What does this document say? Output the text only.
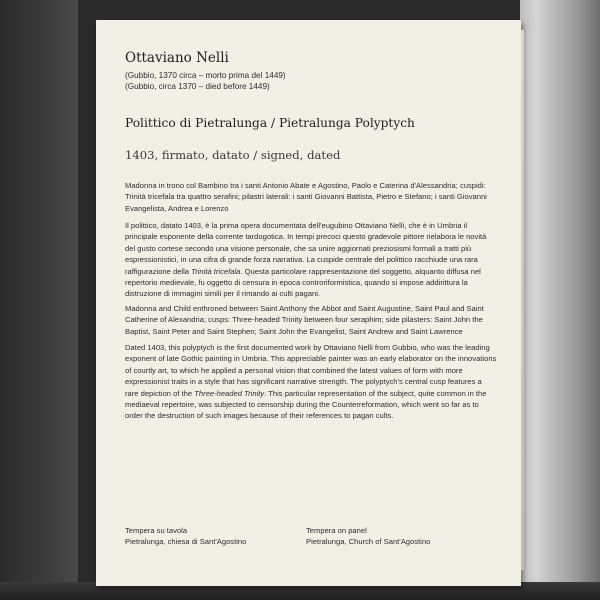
Ottaviano Nelli
(Gubbio, 1370 circa – morto prima del 1449)
(Gubbio, circa 1370 – died before 1449)
Polittico di Pietralunga / Pietralunga Polyptych
1403, firmato, datato / signed, dated
Madonna in trono col Bambino tra i santi Antonio Abate e Agostino, Paolo e Caterina d'Alessandria; cuspidi: Trinità tricefala tra quattro serafini; pilastri laterali: i santi Giovanni Battista, Pietro e Stefano; i santi Giovanni Evangelista, Andrea e Lorenzo
Il polittico, datato 1403, è la prima opera documentata dell'eugubino Ottaviano Nelli, che è in Umbria il principale esponente della corrente tardogotica. In tempi precoci questo gradevole pittore rielabora le novità del gusto cortese secondo una visione personale, che sa unire aggiornati preziosismi formali a tratti più espressionistici, in una cifra di grande forza narrativa. La cuspide centrale del polittico racchiude una rara raffigurazione della Trinità tricefala. Questa particolare rappresentazione del soggetto, alquanto diffusa nel repertorio medievale, fu oggetto di censura in epoca controriformistica, quando si impose addirittura la distruzione di immagini simili per il rimando ai culti pagani.
Madonna and Child enthroned between Saint Anthony the Abbot and Saint Augustine, Saint Paul and Saint Catherine of Alexandria; cusps: Three-headed Trinity between four seraphim; side pilasters: Saint John the Baptist, Saint Peter and Saint Stephen; Saint John the Evangelist, Saint Andrew and Saint Lawrence
Dated 1403, this polyptych is the first documented work by Ottaviano Nelli from Gubbio, who was the leading exponent of late Gothic painting in Umbria. This appreciable painter was an early elaborator on the innovations of courtly art, to which he applied a personal vision that combined the latest values of form with more expressionist traits in a style that has significant narrative strength. The polyptych's central cusp features a rare depiction of the Three-headed Trinity. This particular representation of the subject, quite common in the mediaeval repertoire, was subjected to censorship during the Counterreformation, which went so far as to order the destruction of such images because of their references to pagan cults.
Tempera su tavola
Pietralunga, chiesa di Sant'Agostino
Tempera on panel
Pietralunga, Church of Sant'Agostino
